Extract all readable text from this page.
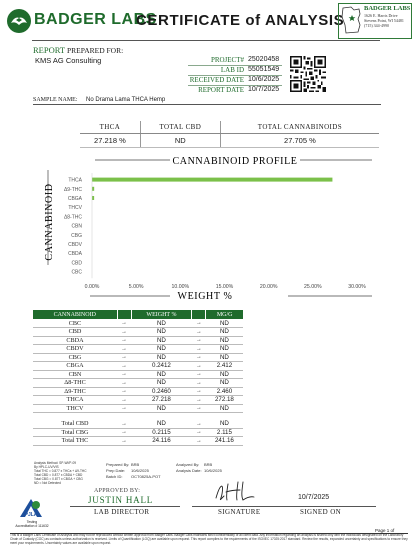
BADGER LABS
CERTIFICATE of ANALYSIS
BADGER LABS
1626 E. Harris Drive
Stevens Point, WI 54481
(715) 344-4990
REPORT PREPARED FOR:
KMS AG Consulting	PROJECT# 25020458
LAB ID 55051549
RECEIVED DATE 10/6/2025
REPORT DATE 10/7/2025
SAMPLE NAME: No Drama Lama THCA Hemp
THCA	TOTAL CBD	TOTAL CANNABINOIDS
27.218 %	ND	27.705 %
CANNABINOID PROFILE
CANNABINOID
THCA
Δ9-THC
CBGA
THCV
Δ8-THC
CBN
CBG
CBDV
CBDA
CBD
CBC
0.00%	5.00%	10.00%	15.00%	20.00%	25.00%	30.00%
WEIGHT %
CANNABINOID		WEIGHT %		MG/G
CBC	→	ND	→	ND
CBD	→	ND	→	ND
CBDA	→	ND	→	ND
CBDV	→	ND	→	ND
CBG	→	ND	→	ND
CBGA	→	0.2412	→	2.412
CBN	→	ND	→	ND
Δ8-THC	→	ND	→	ND
Δ9-THC	→	0.2460	→	2.460
THCA	→	27.218	→	272.18
THCV	→	ND	→	ND

Total CBD	→	ND	→	ND
Total CBG	→	0.2115	→	2.115
Total THC	→	24.116	→	241.16
Analysis Method: SP-WI/P-09
By HPLC-UV/VIS
Total THC = 0.877 x THCa + Δ9-THC
Total CBD = 0.877 x CBDA + CBD
Total CBG = 0.877 x CBGA + CBG
ND = Not Detected
Prepared By: BRB
Prep Date: 10/6/2025
Batch ID: OCT0825A-POT
Analyzed By: BRB
Analysis Date: 10/6/2025
PJLA
Testing
Accreditation # 111632
APPROVED BY:
JUSTIN HALL
LAB DIRECTOR	SIGNATURE
10/7/2025
SIGNED ON
Page 1 of
This is a Badger Labs Certificate of Analysis and may not be reproduced without written approval from Badger Labs. Badger Labs maintains strict confidentiality of all client data. Any information regarding an analysis is shared only with the individuals designated on the Laboratory Chain of Custody (COC) as contacts unless authorization is received. Limits of Quantification (LOQ) are available upon request. This report complies to the requirements of the ISO/IEC 17025:2017 standard. Review the results, expanded uncertainty and specifications to ensure they meet your requirements. Uncertainty values are available upon request.
